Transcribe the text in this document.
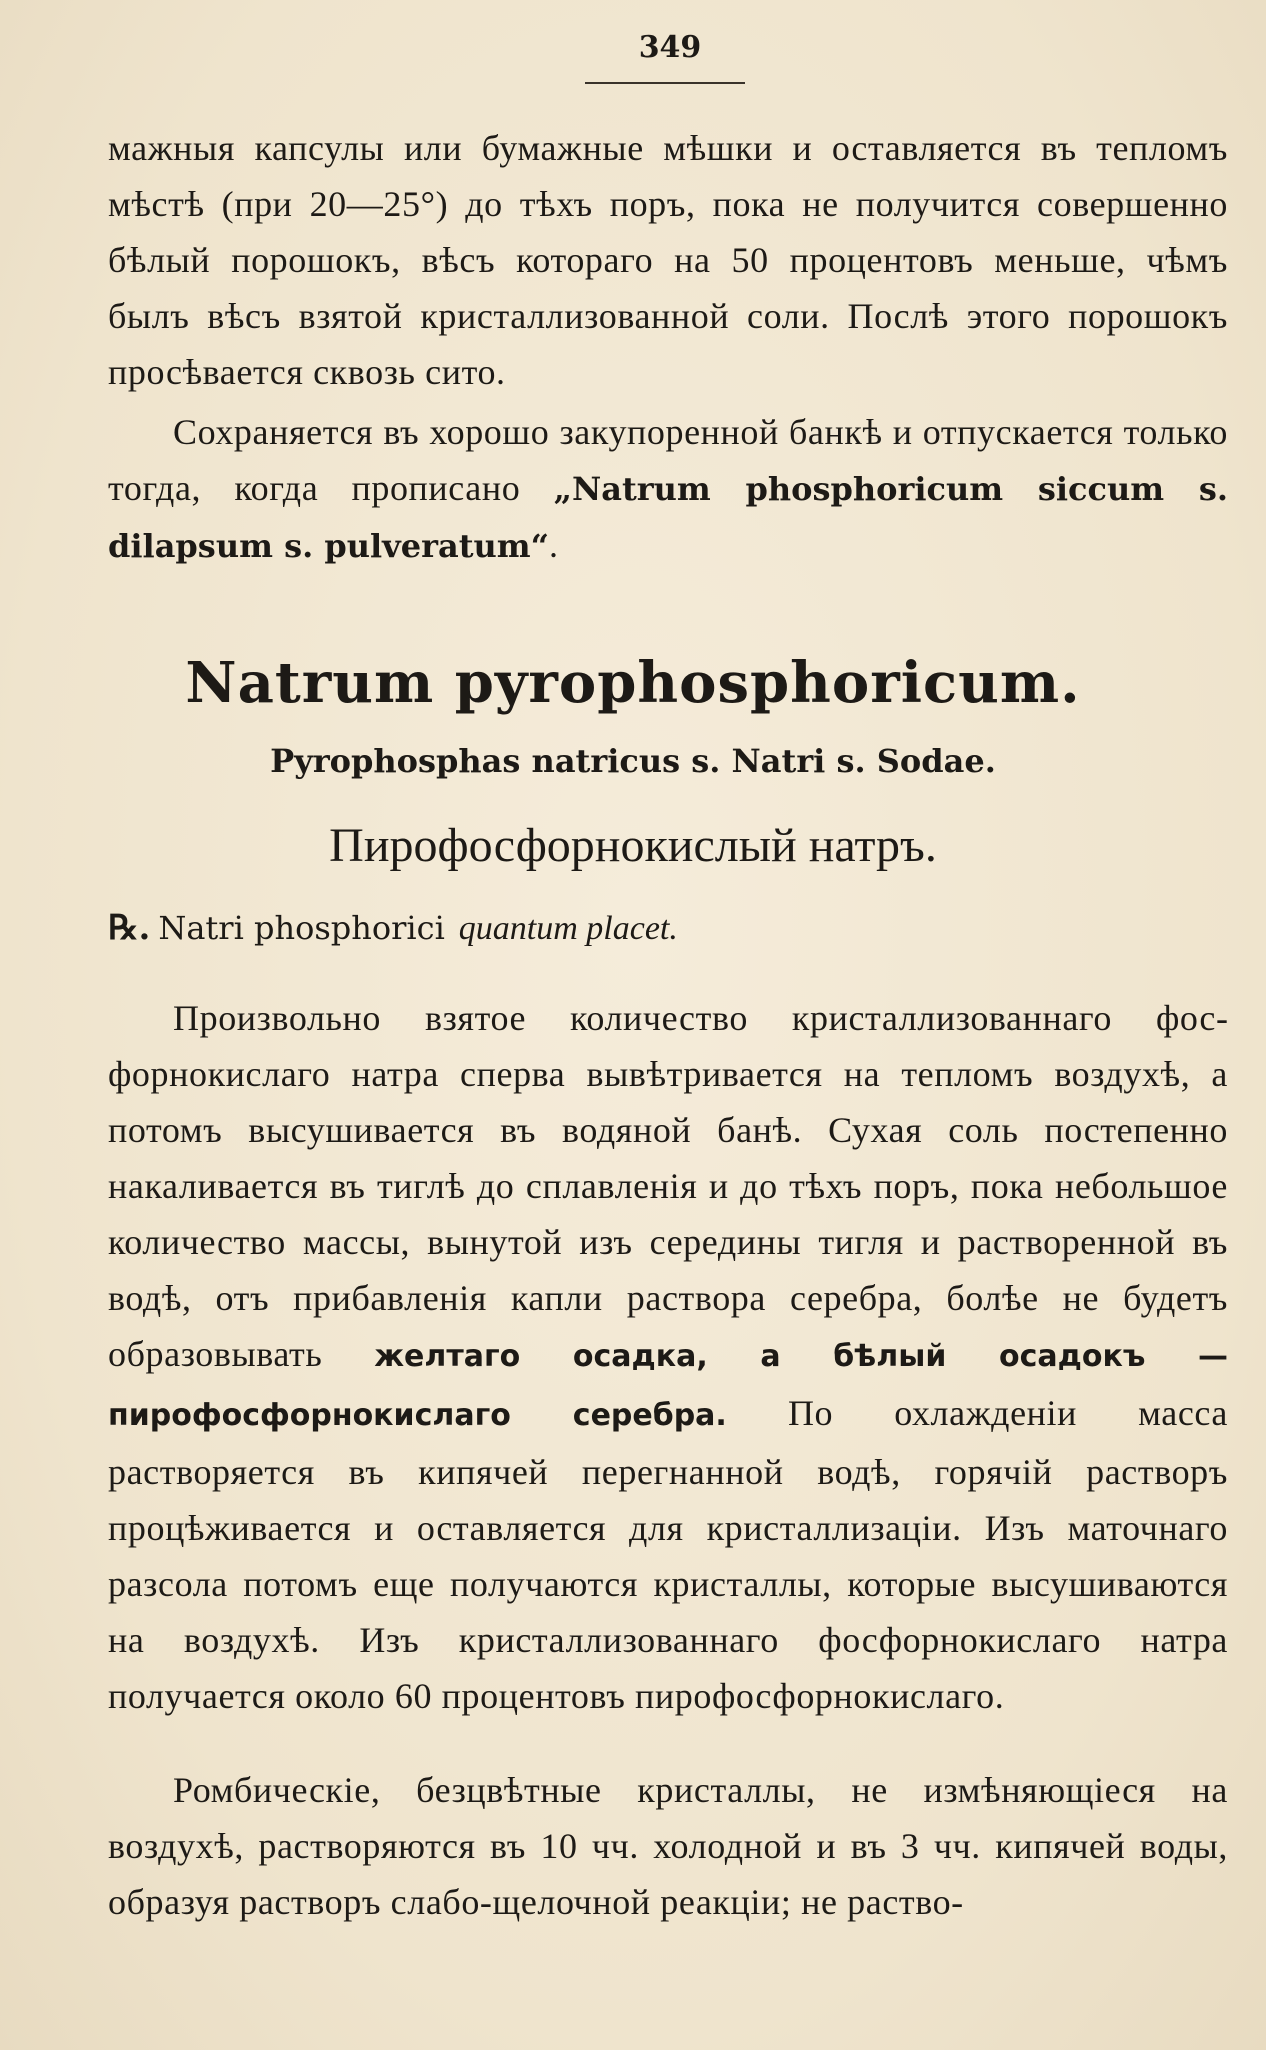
349
мажныя капсулы или бумажные мѣшки и оставляется въ тепломъ мѣстѣ (при 20—25°) до тѣхъ поръ, пока не получится совершенно бѣлый порошокъ, вѣсъ котораго на 50 процентовъ меньше, чѣмъ былъ вѣсъ взятой кристаллизованной соли. Послѣ этого порошокъ просѣвается сквозь сито.
Сохраняется въ хорошо закупоренной банкѣ и отпускается только тогда, когда прописано „Natrum phosphoricum siccum s. dilapsum s. pulveratum“.
Natrum pyrophosphoricum.
Pyrophosphas natricus s. Natri s. Sodae.
Пирофосфорнокислый натръ.
℞. Natri phosphorici quantum placet.
Произвольно взятое количество кристаллизованнаго фосфорнокислаго натра сперва вывѣтривается на тепломъ воздухѣ, а потомъ высушивается въ водяной банѣ. Сухая соль постепенно накаливается въ тиглѣ до сплавленія и до тѣхъ поръ, пока небольшое количество массы, вынутой изъ середины тигля и растворенной въ водѣ, отъ прибавленія капли раствора серебра, болѣе не будетъ образовывать желтаго осадка, а бѣлый осадокъ — пирофосфорнокислаго серебра. По охлажденіи масса растворяется въ кипячей перегнанной водѣ, горячій растворъ процѣживается и оставляется для кристаллизаціи. Изъ маточнаго разсола потомъ еще получаются кристаллы, которые высушиваются на воздухѣ. Изъ кристаллизованнаго фосфорнокислаго натра получается около 60 процентовъ пирофосфорнокислаго.
Ромбическіе, безцвѣтные кристаллы, не измѣняющіеся на воздухѣ, растворяются въ 10 чч. холодной и въ 3 чч. кипячей воды, образуя растворъ слабо-щелочной реакціи; не раство-
